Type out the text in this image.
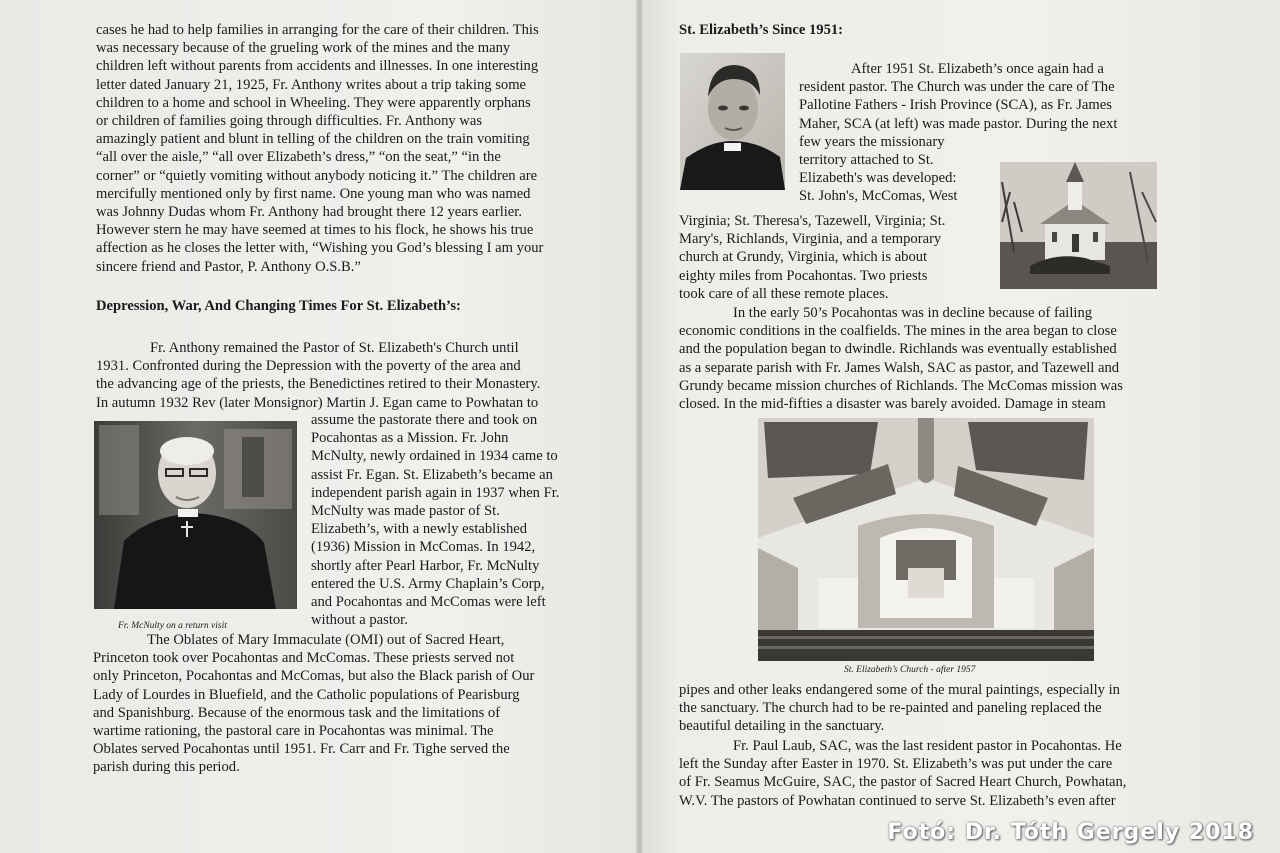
cases he had to help families in arranging for the care of their children. This
was necessary because of the grueling work of the mines and the many
children left without parents from accidents and illnesses. In one interesting
letter dated January 21, 1925, Fr. Anthony writes about a trip taking some
children to a home and school in Wheeling. They were apparently orphans
or children of families going through difficulties. Fr. Anthony was
amazingly patient and blunt in telling of the children on the train vomiting
“all over the aisle,” “all over Elizabeth’s dress,” “on the seat,” “in the
corner” or “quietly vomiting without anybody noticing it.” The children are
mercifully mentioned only by first name. One young man who was named
was Johnny Dudas whom Fr. Anthony had brought there 12 years earlier.
However stern he may have seemed at times to his flock, he shows his true
affection as he closes the letter with, “Wishing you God’s blessing I am your
sincere friend and Pastor, P. Anthony O.S.B.”
Depression, War, And Changing Times For St. Elizabeth’s:
Fr. Anthony remained the Pastor of St. Elizabeth's Church until
1931. Confronted during the Depression with the poverty of the area and
the advancing age of the priests, the Benedictines retired to their Monastery.
In autumn 1932 Rev (later Monsignor) Martin J. Egan came to Powhatan to
assume the pastorate there and took on
Pocahontas as a Mission. Fr. John
McNulty, newly ordained in 1934 came to
assist Fr. Egan. St. Elizabeth’s became an
independent parish again in 1937 when Fr.
McNulty was made pastor of St.
Elizabeth’s, with a newly established
(1936) Mission in McComas. In 1942,
shortly after Pearl Harbor, Fr. McNulty
entered the U.S. Army Chaplain’s Corp,
and Pocahontas and McComas were left
without a pastor.
Fr. McNulty on a return visit
The Oblates of Mary Immaculate (OMI) out of Sacred Heart,
Princeton took over Pocahontas and McComas. These priests served not
only Princeton, Pocahontas and McComas, but also the Black parish of Our
Lady of Lourdes in Bluefield, and the Catholic populations of Pearisburg
and Spanishburg. Because of the enormous task and the limitations of
wartime rationing, the pastoral care in Pocahontas was minimal. The
Oblates served Pocahontas until 1951. Fr. Carr and Fr. Tighe served the
parish during this period.
St. Elizabeth’s Since 1951:
After 1951 St. Elizabeth’s once again had a
resident pastor. The Church was under the care of The
Pallotine Fathers - Irish Province (SCA), as Fr. James
Maher, SCA (at left) was made pastor. During the next
few years the missionary
territory attached to St.
Elizabeth's was developed:
St. John's, McComas, West
Virginia; St. Theresa's, Tazewell, Virginia; St.
Mary's, Richlands, Virginia, and a temporary
church at Grundy, Virginia, which is about
eighty miles from Pocahontas. Two priests
took care of all these remote places.
In the early 50’s Pocahontas was in decline because of failing
economic conditions in the coalfields. The mines in the area began to close
and the population began to dwindle. Richlands was eventually established
as a separate parish with Fr. James Walsh, SAC as pastor, and Tazewell and
Grundy became mission churches of Richlands. The McComas mission was
closed. In the mid-fifties a disaster was barely avoided. Damage in steam
St. Elizabeth’s Church - after 1957
pipes and other leaks endangered some of the mural paintings, especially in
the sanctuary. The church had to be re-painted and paneling replaced the
beautiful detailing in the sanctuary.
Fr. Paul Laub, SAC, was the last resident pastor in Pocahontas. He
left the Sunday after Easter in 1970. St. Elizabeth’s was put under the care
of Fr. Seamus McGuire, SAC, the pastor of Sacred Heart Church, Powhatan,
W.V. The pastors of Powhatan continued to serve St. Elizabeth’s even after
Fotó: Dr. Tóth Gergely 2018
